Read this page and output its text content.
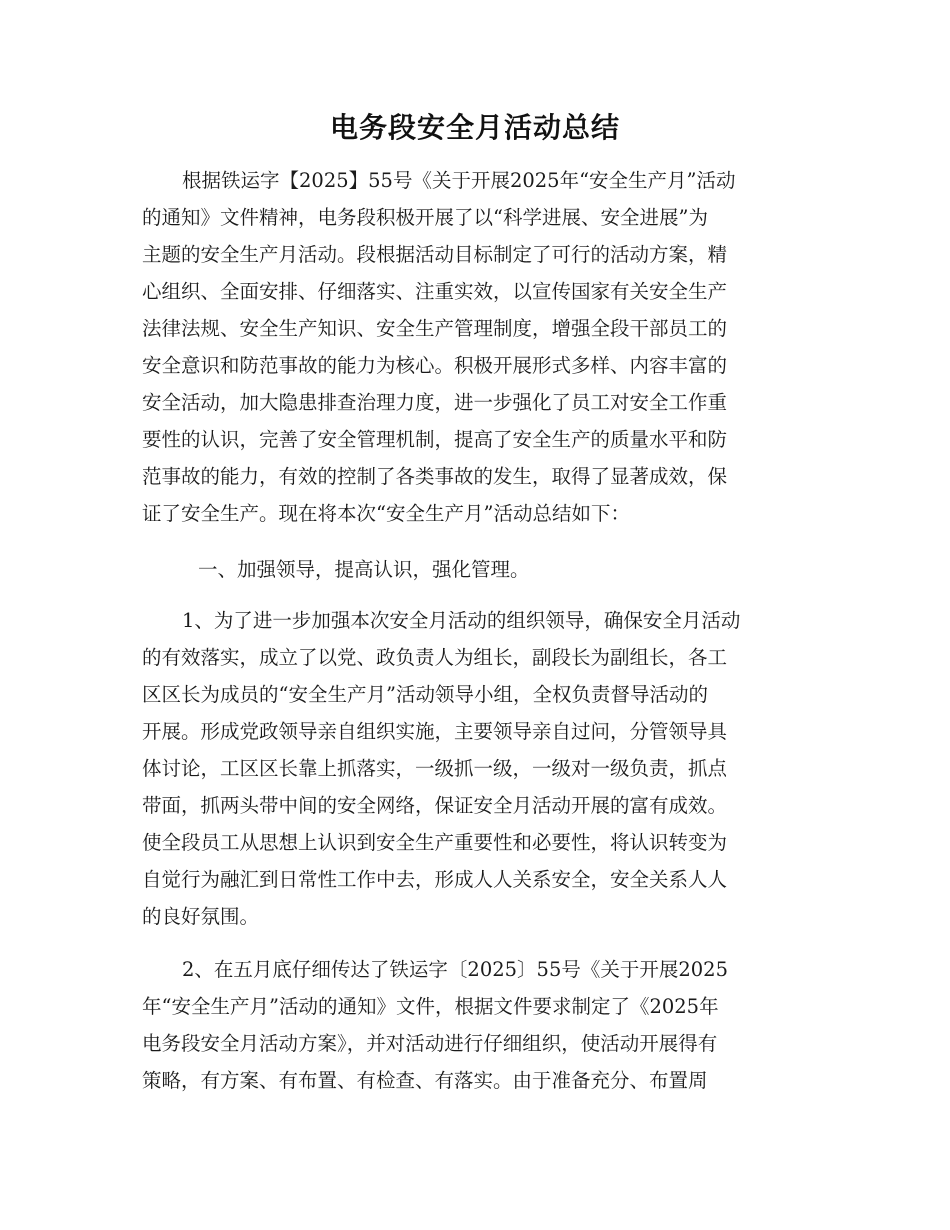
电务段安全月活动总结
根据铁运字【2025】55号《关于开展2025年“安全生产月”活动
的通知》文件精神，电务段积极开展了以“科学进展、安全进展”为
主题的安全生产月活动。段根据活动目标制定了可行的活动方案，精
心组织、全面安排、仔细落实、注重实效，以宣传国家有关安全生产
法律法规、安全生产知识、安全生产管理制度，增强全段干部员工的
安全意识和防范事故的能力为核心。积极开展形式多样、内容丰富的
安全活动，加大隐患排查治理力度，进一步强化了员工对安全工作重
要性的认识，完善了安全管理机制，提高了安全生产的质量水平和防
范事故的能力，有效的控制了各类事故的发生，取得了显著成效，保
证了安全生产。现在将本次“安全生产月”活动总结如下：
一、加强领导，提高认识，强化管理。
1、为了进一步加强本次安全月活动的组织领导，确保安全月活动
的有效落实，成立了以党、政负责人为组长，副段长为副组长，各工
区区长为成员的“安全生产月”活动领导小组，全权负责督导活动的
开展。形成党政领导亲自组织实施，主要领导亲自过问，分管领导具
体讨论，工区区长靠上抓落实，一级抓一级，一级对一级负责，抓点
带面，抓两头带中间的安全网络，保证安全月活动开展的富有成效。
使全段员工从思想上认识到安全生产重要性和必要性，将认识转变为
自觉行为融汇到日常性工作中去，形成人人关系安全，安全关系人人
的良好氛围。
2、在五月底仔细传达了铁运字〔2025〕55号《关于开展2025
年“安全生产月”活动的通知》文件，根据文件要求制定了《2025年
电务段安全月活动方案》，并对活动进行仔细组织，使活动开展得有
策略，有方案、有布置、有检查、有落实。由于准备充分、布置周
